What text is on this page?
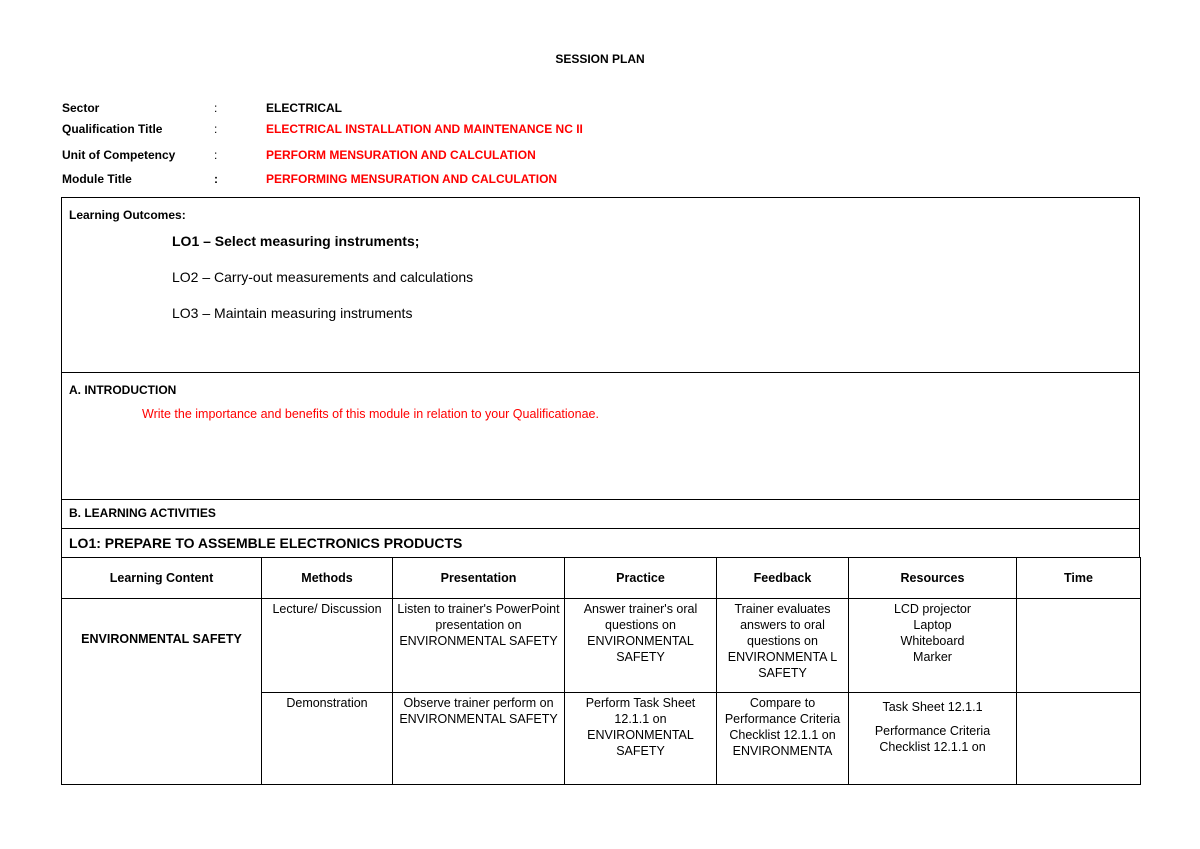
SESSION PLAN
Sector	:	ELECTRICAL
Qualification Title	:	ELECTRICAL INSTALLATION AND MAINTENANCE NC II
Unit of Competency	:	PERFORM MENSURATION AND CALCULATION
Module Title	:	PERFORMING MENSURATION AND CALCULATION
Learning Outcomes:
LO1 – Select measuring instruments;
LO2 – Carry-out measurements and calculations
LO3 – Maintain measuring instruments
A. INTRODUCTION
Write the importance and benefits of this module in relation to your Qualificationae.
B. LEARNING ACTIVITIES
LO1: PREPARE TO ASSEMBLE ELECTRONICS PRODUCTS
Learning Content	Methods	Presentation	Practice	Feedback	Resources	Time
ENVIRONMENTAL SAFETY	Lecture/ Discussion	Listen to trainer's PowerPoint presentation on ENVIRONMENTAL SAFETY	Answer trainer's oral questions on ENVIRONMENTAL SAFETY	Trainer evaluates answers to oral questions on ENVIRONMENTA L SAFETY	LCD projector
Laptop
Whiteboard
Marker	

	Demonstration	Observe trainer perform on ENVIRONMENTAL SAFETY	Perform Task Sheet 12.1.1 on ENVIRONMENTAL SAFETY	Compare to Performance Criteria Checklist 12.1.1 on ENVIRONMENTA	Task Sheet 12.1.1
Performance Criteria Checklist 12.1.1 on	
